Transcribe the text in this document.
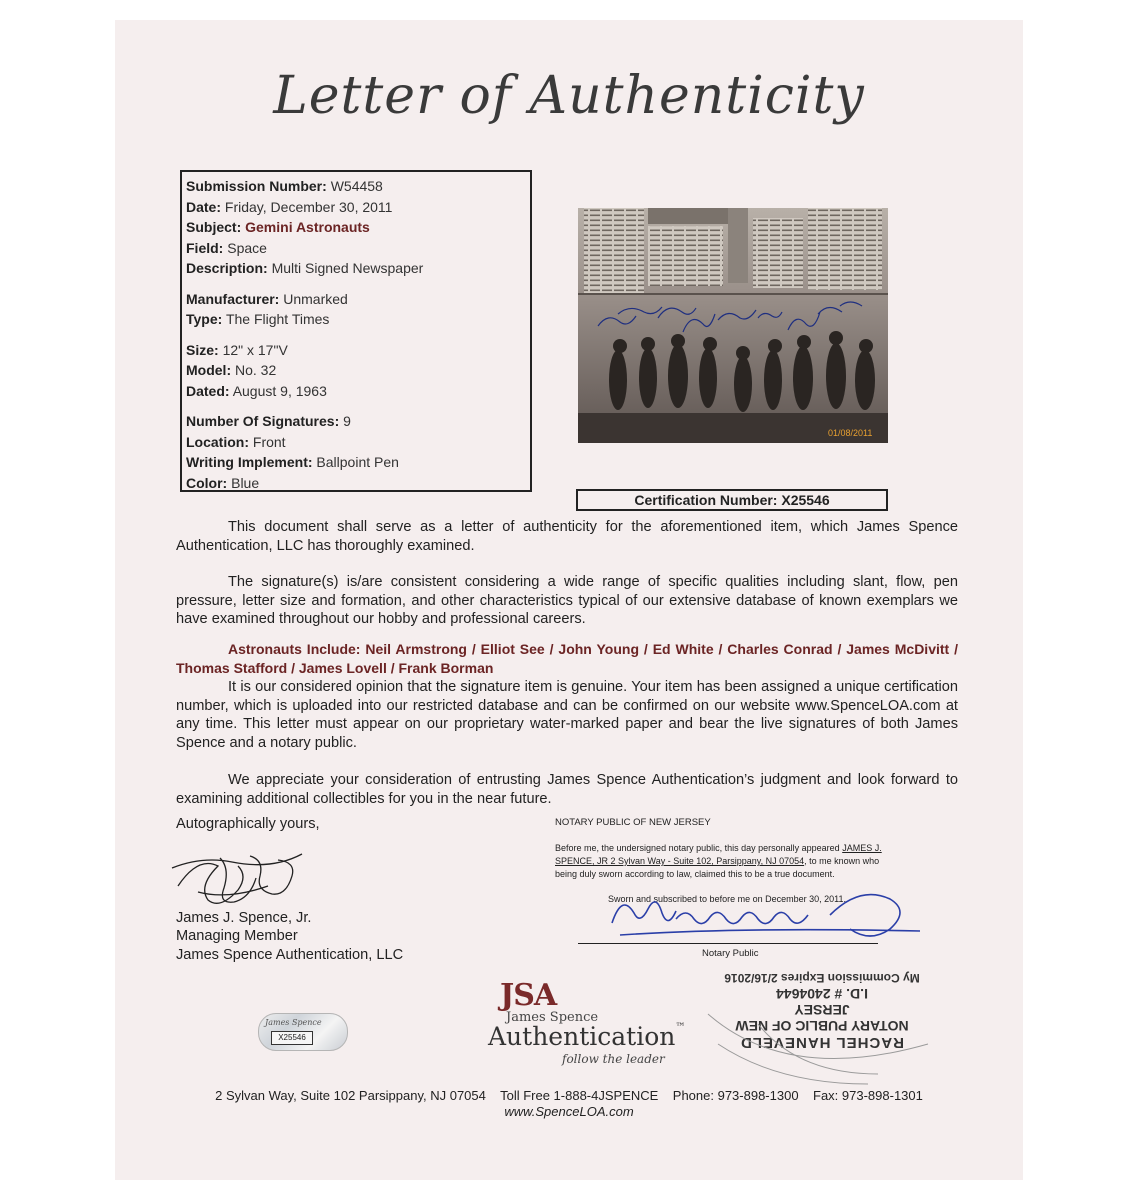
Letter of Authenticity
Submission Number: W54458
Date: Friday, December 30, 2011
Subject: Gemini Astronauts
Field: Space
Description: Multi Signed Newspaper
Manufacturer: Unmarked
Type: The Flight Times
Size: 12" x 17"V
Model: No. 32
Dated: August 9, 1963
Number Of Signatures: 9
Location: Front
Writing Implement: Ballpoint Pen
Color: Blue
01/08/2011
Certification Number: X25546
This document shall serve as a letter of authenticity for the aforementioned item, which James Spence Authentication, LLC has thoroughly examined.
The signature(s) is/are consistent considering a wide range of specific qualities including slant, flow, pen pressure, letter size and formation, and other characteristics typical of our extensive database of known exemplars we have examined throughout our hobby and professional careers.
Astronauts Include: Neil Armstrong / Elliot See / John Young / Ed White / Charles Conrad / James McDivitt / Thomas Stafford / James Lovell / Frank Borman
It is our considered opinion that the signature item is genuine. Your item has been assigned a unique certification number, which is uploaded into our restricted database and can be confirmed on our website www.SpenceLOA.com at any time. This letter must appear on our proprietary water-marked paper and bear the live signatures of both James Spence and a notary public.
We appreciate your consideration of entrusting James Spence Authentication’s judgment and look forward to examining additional collectibles for you in the near future.
Autographically yours,
James J. Spence, Jr.
Managing Member
James Spence Authentication, LLC
NOTARY PUBLIC OF NEW JERSEY
Before me, the undersigned notary public, this day personally appeared JAMES J. SPENCE, JR 2 Sylvan Way - Suite 102, Parsippany, NJ 07054, to me known who being duly sworn according to law, claimed this to be a true document.
Sworn and subscribed to before me on December 30, 2011.
Notary Public
RACHEL HANEVELD
NOTARY PUBLIC OF NEW JERSEY
I.D. # 2404644
My Commission Expires 2/16/2016
James Spence
X25546
JSA
James Spence
Authentication™
follow the leader
2 Sylvan Way, Suite 102 Parsippany, NJ 07054 Toll Free 1-888-4JSPENCE Phone: 973-898-1300 Fax: 973-898-1301
www.SpenceLOA.com
